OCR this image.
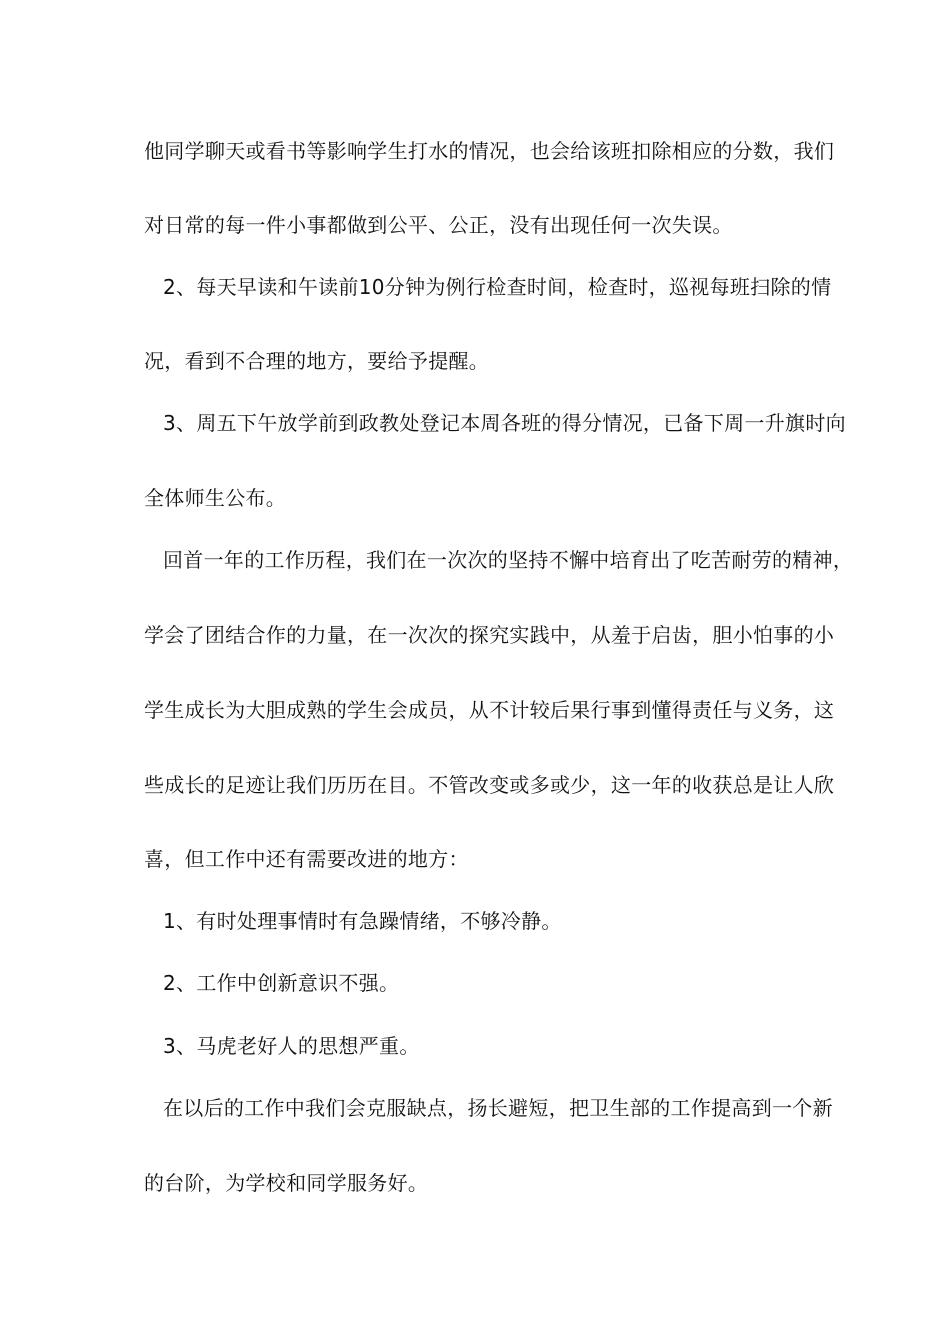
他同学聊天或看书等影响学生打水的情况，也会给该班扣除相应的分数，我们
对日常的每一件小事都做到公平、公正，没有出现任何一次失误。
2、每天早读和午读前10分钟为例行检查时间，检查时，巡视每班扫除的情
况，看到不合理的地方，要给予提醒。
3、周五下午放学前到政教处登记本周各班的得分情况，已备下周一升旗时向
全体师生公布。
回首一年的工作历程，我们在一次次的坚持不懈中培育出了吃苦耐劳的精神，
学会了团结合作的力量，在一次次的探究实践中，从羞于启齿，胆小怕事的小
学生成长为大胆成熟的学生会成员，从不计较后果行事到懂得责任与义务，这
些成长的足迹让我们历历在目。不管改变或多或少，这一年的收获总是让人欣
喜，但工作中还有需要改进的地方：
1、有时处理事情时有急躁情绪，不够冷静。
2、工作中创新意识不强。
3、马虎老好人的思想严重。
在以后的工作中我们会克服缺点，扬长避短，把卫生部的工作提高到一个新
的台阶，为学校和同学服务好。
